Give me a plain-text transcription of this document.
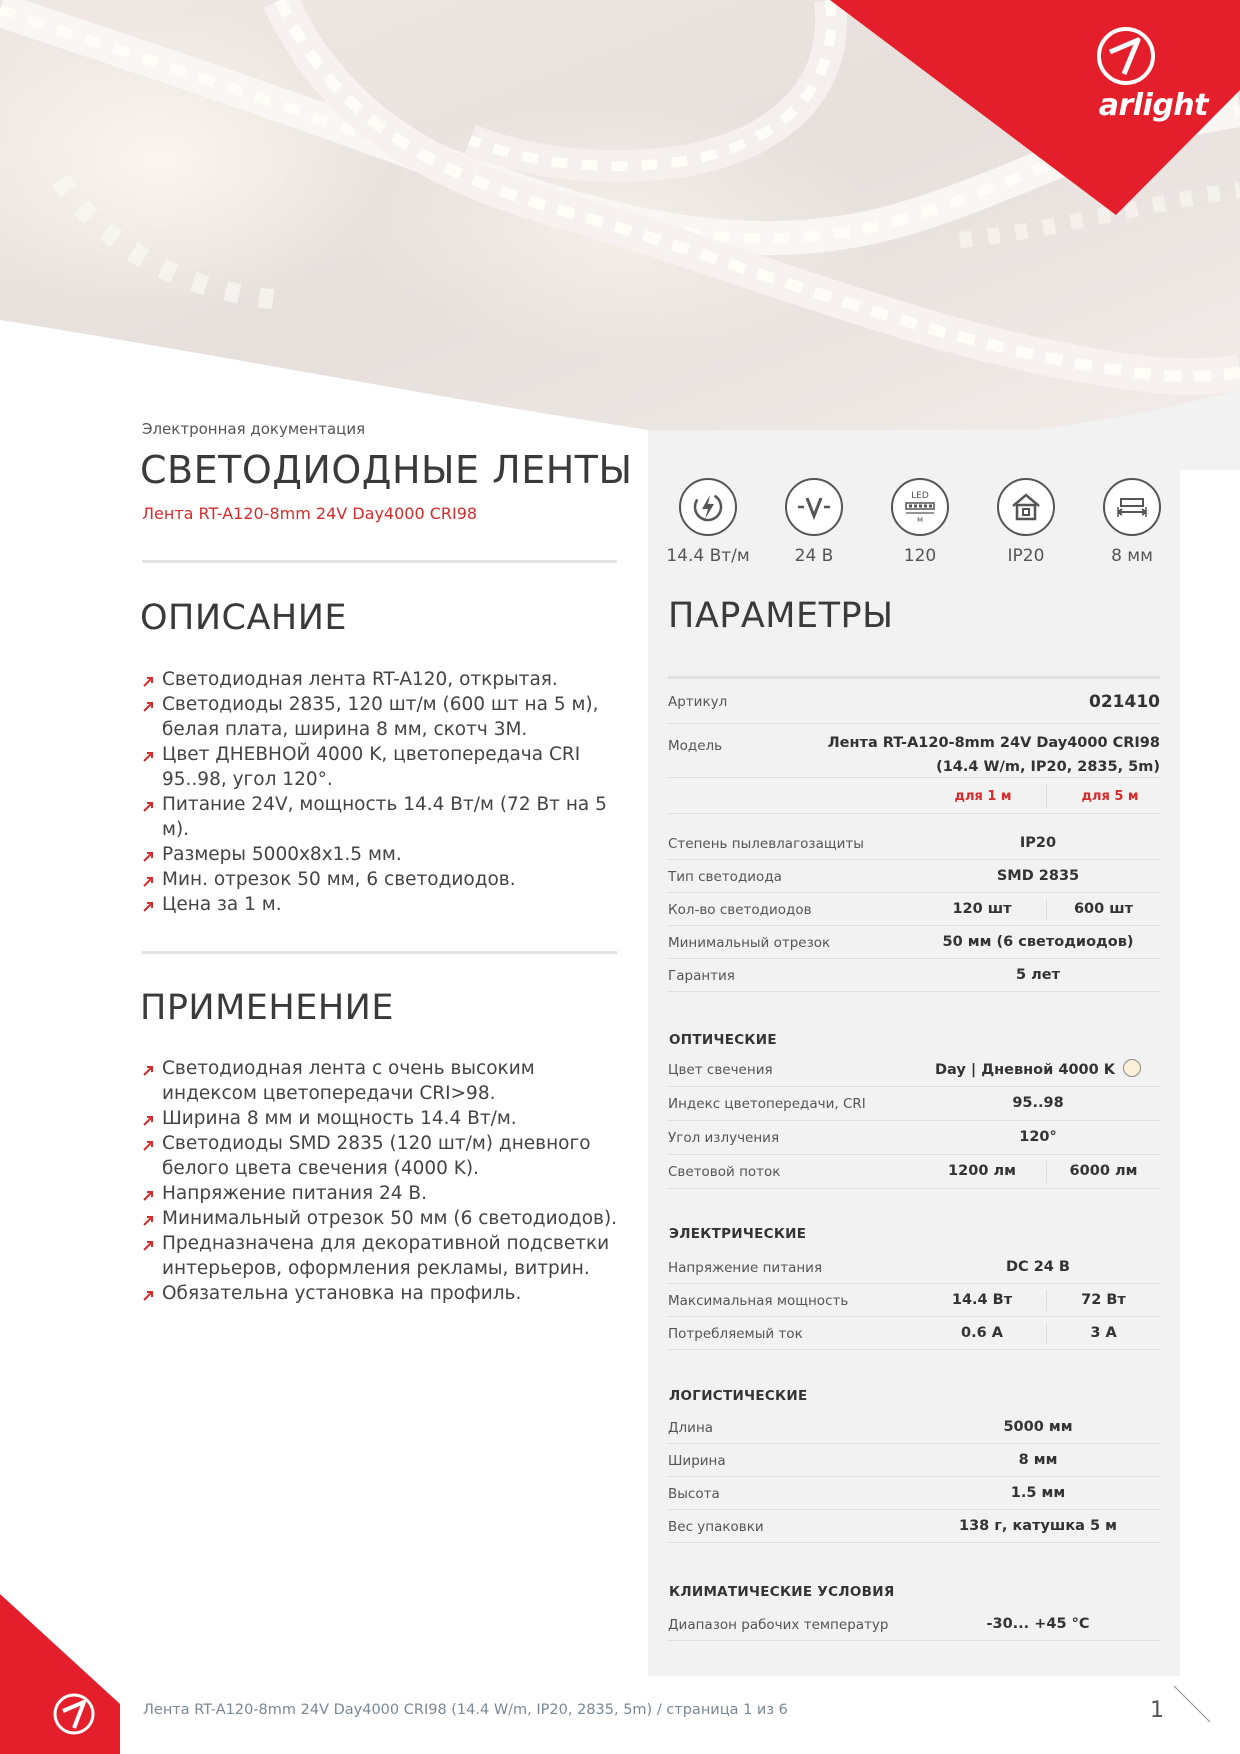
arlight
Электронная документация
СВЕТОДИОДНЫЕ ЛЕНТЫ
Лента RT-A120-8mm 24V Day4000 CRI98
ОПИСАНИЕ
Светодиодная лента RT-A120, открытая.
Светодиоды 2835, 120 шт/м (600 шт на 5 м), белая плата, ширина 8 мм, скотч 3M.
Цвет ДНЕВНОЙ 4000 K, цветопередача CRI 95..98, угол 120°.
Питание 24V, мощность 14.4 Вт/м (72 Вт на 5 м).
Размеры 5000x8x1.5 мм.
Мин. отрезок 50 мм, 6 светодиодов.
Цена за 1 м.
ПРИМЕНЕНИЕ
Светодиодная лента с очень высоким индексом цветопередачи CRI>98.
Ширина 8 мм и мощность 14.4 Вт/м.
Светодиоды SMD 2835 (120 шт/м) дневного белого цвета свечения (4000 K).
Напряжение питания 24 В.
Минимальный отрезок 50 мм (6 светодиодов).
Предназначена для декоративной подсветки интерьеров, оформления рекламы, витрин.
Обязательна установка на профиль.
14.4 Вт/м	24 В
LED
м
120	IP20	8 мм
ПАРАМЕТРЫ
Артикул	021410
Модель	Лента RT-A120-8mm 24V Day4000 CRI98
(14.4 W/m, IP20, 2835, 5m)
для 1 м	для 5 м
Степень пылевлагозащиты	IP20
Тип светодиода	SMD 2835
Кол-во светодиодов	120 шт	600 шт
Минимальный отрезок	50 мм (6 светодиодов)
Гарантия	5 лет
ОПТИЧЕСКИЕ
Цвет свечения	Day | Дневной 4000 K
Индекс цветопередачи, CRI	95..98
Угол излучения	120°
Световой поток	1200 лм	6000 лм
ЭЛЕКТРИЧЕСКИЕ
Напряжение питания	DC 24 В
Максимальная мощность	14.4 Вт	72 Вт
Потребляемый ток	0.6 А	3 А
ЛОГИСТИЧЕСКИЕ
Длина	5000 мм
Ширина	8 мм
Высота	1.5 мм
Вес упаковки	138 г, катушка 5 м
КЛИМАТИЧЕСКИЕ УСЛОВИЯ
Диапазон рабочих температур	-30... +45 °C
Лента RT-A120-8mm 24V Day4000 CRI98 (14.4 W/m, IP20, 2835, 5m) / страница 1 из 6	1
